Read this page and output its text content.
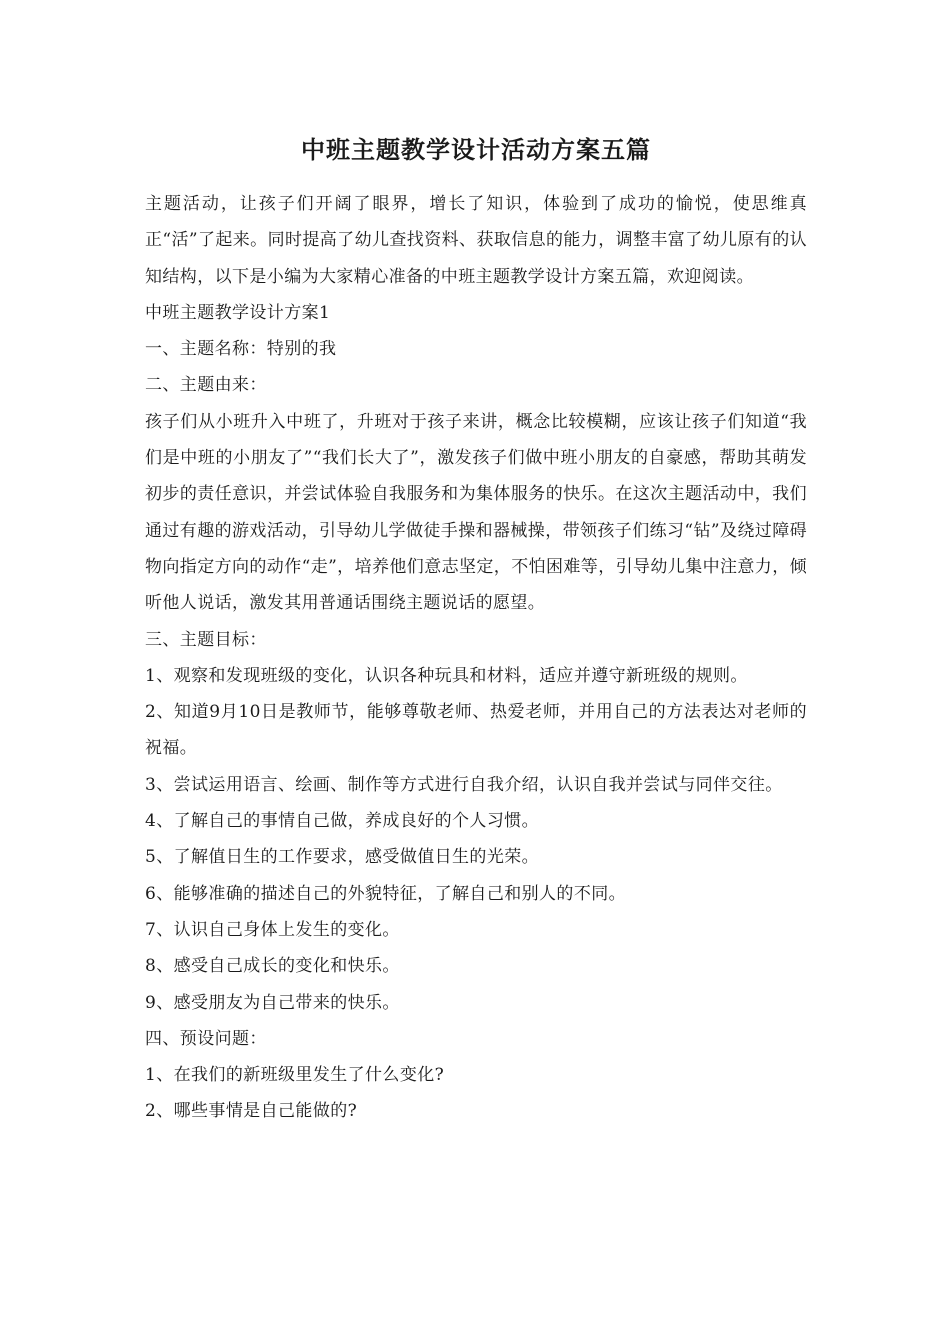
中班主题教学设计活动方案五篇

主题活动，让孩子们开阔了眼界，增长了知识，体验到了成功的愉悦，使思维真正“活”了起来。同时提高了幼儿查找资料、获取信息的能力，调整丰富了幼儿原有的认知结构，以下是小编为大家精心准备的中班主题教学设计方案五篇，欢迎阅读。

中班主题教学设计方案1

一、主题名称：特别的我

二、主题由来：

孩子们从小班升入中班了，升班对于孩子来讲，概念比较模糊，应该让孩子们知道“我们是中班的小朋友了”“我们长大了”，激发孩子们做中班小朋友的自豪感，帮助其萌发初步的责任意识，并尝试体验自我服务和为集体服务的快乐。在这次主题活动中，我们通过有趣的游戏活动，引导幼儿学做徒手操和器械操，带领孩子们练习“钻”及绕过障碍物向指定方向的动作“走”，培养他们意志坚定，不怕困难等，引导幼儿集中注意力，倾听他人说话，激发其用普通话围绕主题说话的愿望。

三、主题目标：

1、观察和发现班级的变化，认识各种玩具和材料，适应并遵守新班级的规则。

2、知道9月10日是教师节，能够尊敬老师、热爱老师，并用自己的方法表达对老师的祝福。

3、尝试运用语言、绘画、制作等方式进行自我介绍，认识自我并尝试与同伴交往。

4、了解自己的事情自己做，养成良好的个人习惯。

5、了解值日生的工作要求，感受做值日生的光荣。

6、能够准确的描述自己的外貌特征，了解自己和别人的不同。

7、认识自己身体上发生的变化。

8、感受自己成长的变化和快乐。

9、感受朋友为自己带来的快乐。

四、预设问题：

1、在我们的新班级里发生了什么变化?

2、哪些事情是自己能做的?
